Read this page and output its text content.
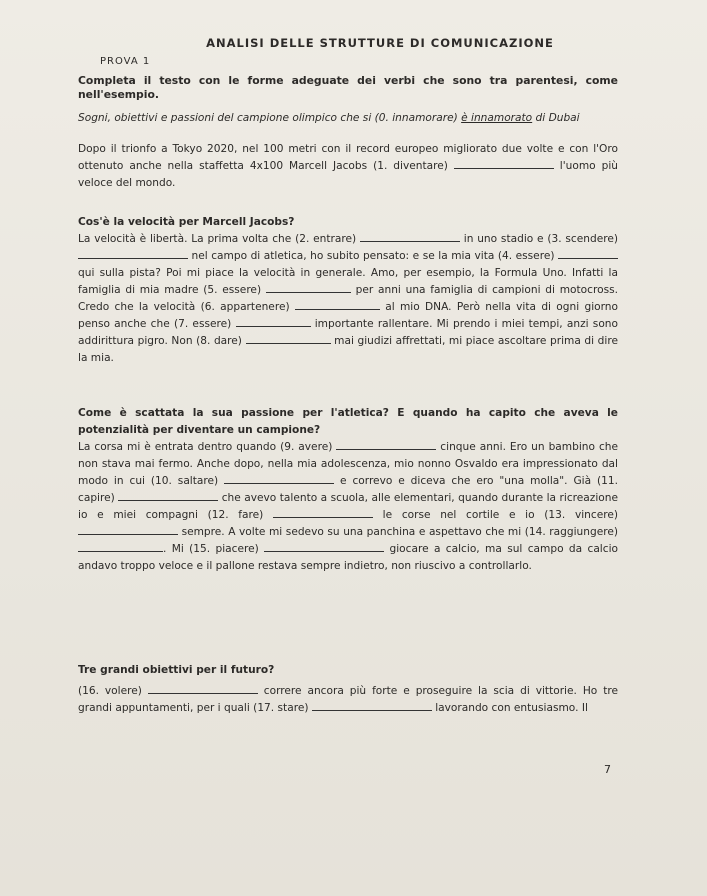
ANALISI DELLE STRUTTURE DI COMUNICAZIONE
PROVA 1
Completa il testo con le forme adeguate dei verbi che sono tra parentesi, come nell'esempio.
Sogni, obiettivi e passioni del campione olimpico che si (0. innamorare) è innamorato di Dubai
Dopo il trionfo a Tokyo 2020, nel 100 metri con il record europeo migliorato due volte e con l'Oro ottenuto anche nella staffetta 4x100 Marcell Jacobs (1. diventare)	l'uomo più veloce del mondo.
Cos'è la velocità per Marcell Jacobs?
La velocità è libertà. La prima volta che (2. entrare)	in uno stadio e (3. scendere)  nel campo di atletica, ho subito pensato: e se la mia vita (4. essere)  qui sulla pista? Poi mi piace la velocità in generale. Amo, per esempio, la Formula Uno. Infatti la famiglia di mia madre (5. essere)	per anni una famiglia di campioni di motocross. Credo che la velocità (6. appartenere)	al mio DNA. Però nella vita di ogni giorno penso anche che (7. essere)	importante rallentare. Mi prendo i miei tempi, anzi sono addirittura pigro. Non (8. dare)	mai giudizi affrettati, mi piace ascoltare prima di dire la mia.
Come è scattata la sua passione per l'atletica? E quando ha capito che aveva le potenzialità per diventare un campione?
La corsa mi è entrata dentro quando (9. avere)	cinque anni. Ero un bambino che non stava mai fermo. Anche dopo, nella mia adolescenza, mio nonno Osvaldo era impressionato dal modo in cui (10. saltare)	e correvo e diceva che ero "una molla". Già (11. capire)	che avevo talento a scuola, alle elementari, quando durante la ricreazione io e miei compagni (12. fare)	le corse nel cortile e io (13. vincere)  sempre. A volte mi sedevo su una panchina e aspettavo che mi (14. raggiungere) . Mi (15. piacere)	giocare a calcio, ma sul campo da calcio andavo troppo veloce e il pallone restava sempre indietro, non riuscivo a controllarlo.
Tre grandi obiettivi per il futuro?
(16. volere)	correre ancora più forte e proseguire la scia di vittorie. Ho tre grandi appuntamenti, per i quali (17. stare)	lavorando con entusiasmo. Il
7
